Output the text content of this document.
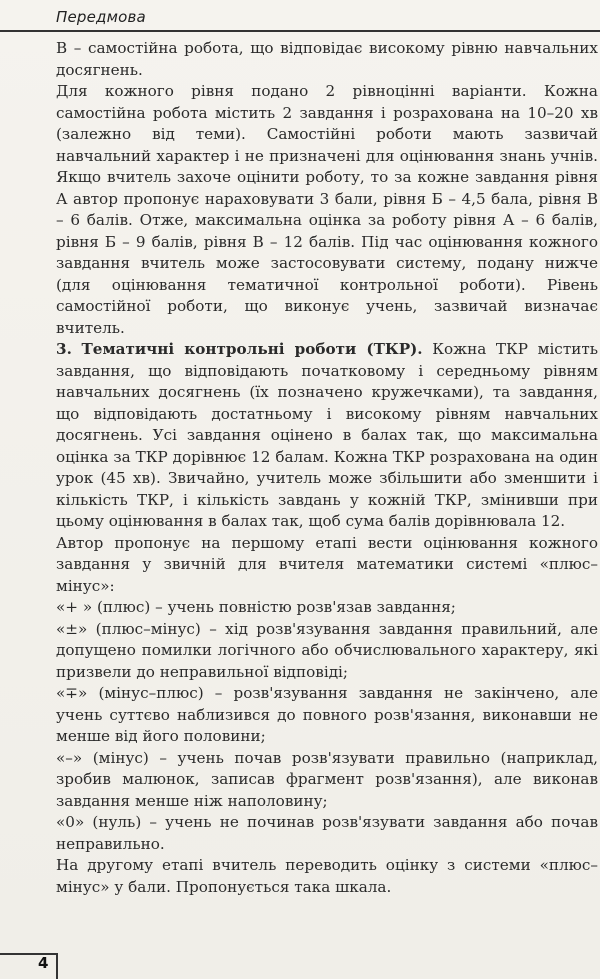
Передмова

В – самостійна робота, що відповідає високому рівню навчальних досягнень.

Для кожного рівня подано 2 рівноцінні варіанти. Кожна самостійна робота містить 2 завдання і розрахована на 10–20 хв (залежно від теми). Самостійні роботи мають зазвичай навчальний характер і не призначені для оцінювання знань учнів. Якщо вчитель захоче оцінити роботу, то за кожне завдання рівня А автор пропонує нараховувати 3 бали, рівня Б – 4,5 бала, рівня В – 6 балів. Отже, максимальна оцінка за роботу рівня А – 6 балів, рівня Б – 9 балів, рівня В – 12 балів. Під час оцінювання кожного завдання вчитель може застосовувати систему, подану нижче (для оцінювання тематичної контрольної роботи). Рівень самостійної роботи, що виконує учень, зазвичай визначає вчитель.

3. Тематичні контрольні роботи (ТКР). Кожна ТКР містить завдання, що відповідають початковому і середньому рівням навчальних досягнень (їх позначено кружечками), та завдання, що відповідають достатньому і високому рівням навчальних досягнень. Усі завдання оцінено в балах так, що максимальна оцінка за ТКР дорівнює 12 балам. Кожна ТКР розрахована на один урок (45 хв). Звичайно, учитель може збільшити або зменшити і кількість ТКР, і кількість завдань у кожній ТКР, змінивши при цьому оцінювання в балах так, щоб сума балів дорівнювала 12.

Автор пропонує на першому етапі вести оцінювання кожного завдання у звичній для вчителя математики системі «плюс–мінус»:

«+ » (плюс) – учень повністю розв'язав завдання;

«±» (плюс–мінус) – хід розв'язування завдання правильний, але допущено помилки логічного або обчислювального характеру, які призвели до неправильної відповіді;

«∓» (мінус–плюс) – розв'язування завдання не закінчено, але учень суттєво наблизився до повного розв'язання, виконавши не менше від його половини;

«–» (мінус) – учень почав розв'язувати правильно (наприклад, зробив малюнок, записав фрагмент розв'язання), але виконав завдання менше ніж наполовину;

«0» (нуль) – учень не починав розв'язувати завдання або почав неправильно.

На другому етапі вчитель переводить оцінку з системи «плюс–мінус» у бали. Пропонується така шкала.

4
